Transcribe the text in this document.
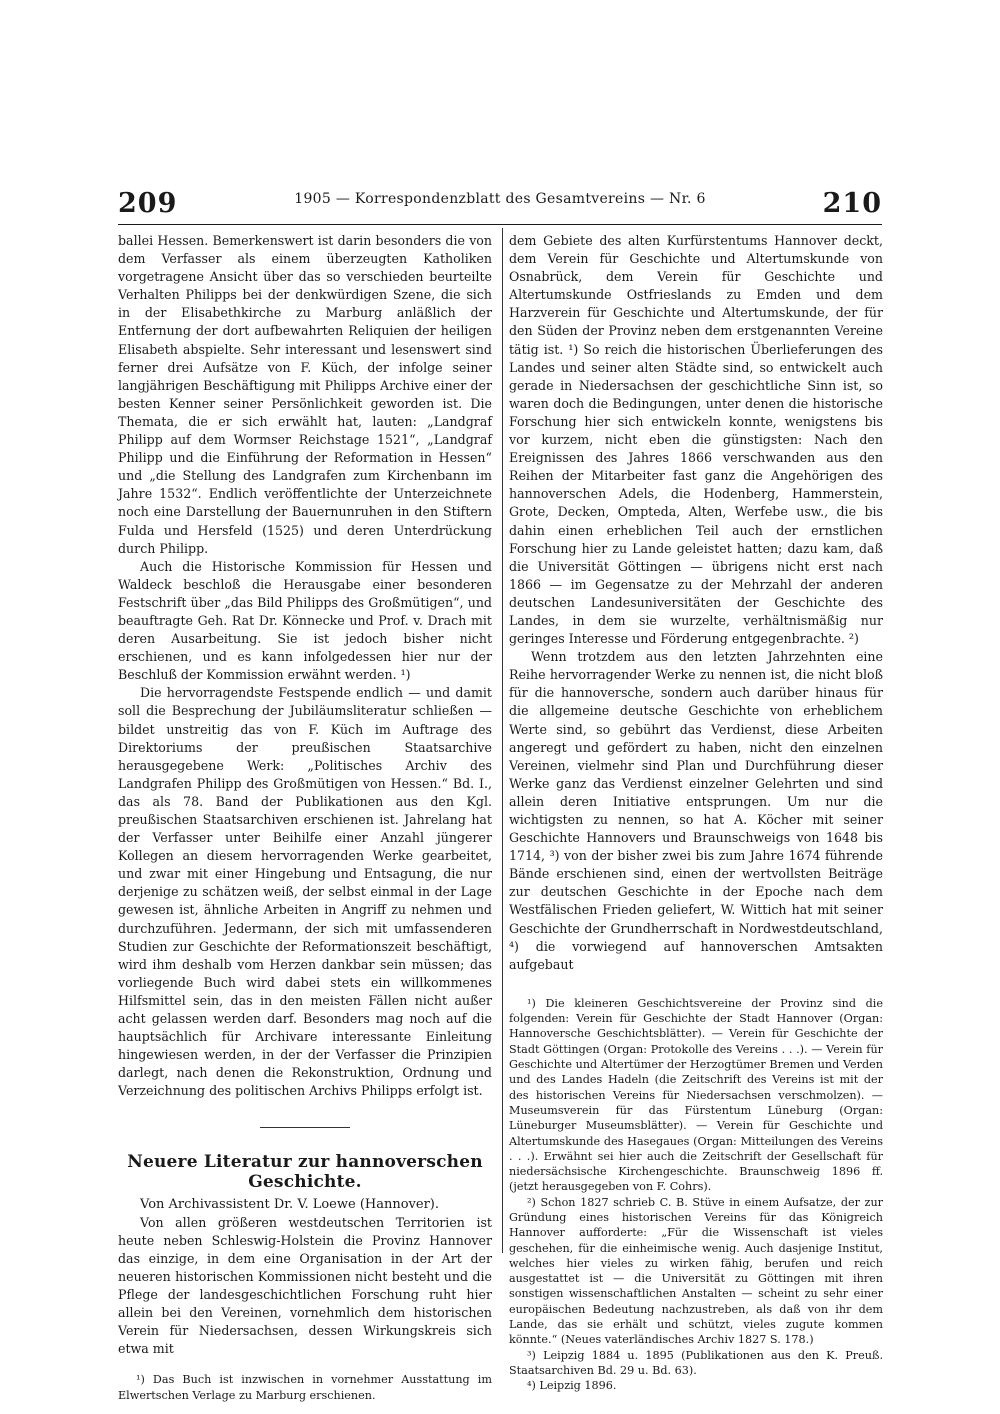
209	1905 — Korrespondenzblatt des Gesamtvereins — Nr. 6	210

ballei Hessen. Bemerkenswert ist darin besonders die von dem Verfasser als einem überzeugten Katholiken vorgetragene Ansicht über das so verschieden beurteilte Verhalten Philipps bei der denkwürdigen Szene, die sich in der Elisabethkirche zu Marburg anläßlich der Entfernung der dort aufbewahrten Reliquien der heiligen Elisabeth abspielte. Sehr interessant und lesenswert sind ferner drei Aufsätze von F. Küch, der infolge seiner langjährigen Beschäftigung mit Philipps Archive einer der besten Kenner seiner Persönlichkeit geworden ist. Die Themata, die er sich erwählt hat, lauten: „Landgraf Philipp auf dem Wormser Reichstage 1521“, „Landgraf Philipp und die Einführung der Reformation in Hessen“ und „die Stellung des Landgrafen zum Kirchenbann im Jahre 1532“. Endlich veröffentlichte der Unterzeichnete noch eine Darstellung der Bauernunruhen in den Stiftern Fulda und Hersfeld (1525) und deren Unterdrückung durch Philipp.

Auch die Historische Kommission für Hessen und Waldeck beschloß die Herausgabe einer besonderen Festschrift über „das Bild Philipps des Großmütigen“, und beauftragte Geh. Rat Dr. Könnecke und Prof. v. Drach mit deren Ausarbeitung. Sie ist jedoch bisher nicht erschienen, und es kann infolgedessen hier nur der Beschluß der Kommission erwähnt werden. ¹)

Die hervorragendste Festspende endlich — und damit soll die Besprechung der Jubiläumsliteratur schließen — bildet unstreitig das von F. Küch im Auftrage des Direktoriums der preußischen Staatsarchive herausgegebene Werk: „Politisches Archiv des Landgrafen Philipp des Großmütigen von Hessen.“ Bd. I., das als 78. Band der Publikationen aus den Kgl. preußischen Staatsarchiven erschienen ist. Jahrelang hat der Verfasser unter Beihilfe einer Anzahl jüngerer Kollegen an diesem hervorragenden Werke gearbeitet, und zwar mit einer Hingebung und Entsagung, die nur derjenige zu schätzen weiß, der selbst einmal in der Lage gewesen ist, ähnliche Arbeiten in Angriff zu nehmen und durchzuführen. Jedermann, der sich mit umfassenderen Studien zur Geschichte der Reformationszeit beschäftigt, wird ihm deshalb vom Herzen dankbar sein müssen; das vorliegende Buch wird dabei stets ein willkommenes Hilfsmittel sein, das in den meisten Fällen nicht außer acht gelassen werden darf. Besonders mag noch auf die hauptsächlich für Archivare interessante Einleitung hingewiesen werden, in der der Verfasser die Prinzipien darlegt, nach denen die Rekonstruktion, Ordnung und Verzeichnung des politischen Archivs Philipps erfolgt ist.

Neuere Literatur zur hannoverschen Geschichte.
Von Archivassistent Dr. V. Loewe (Hannover).

Von allen größeren westdeutschen Territorien ist heute neben Schleswig-Holstein die Provinz Hannover das einzige, in dem eine Organisation in der Art der neueren historischen Kommissionen nicht besteht und die Pflege der landesgeschichtlichen Forschung ruht hier allein bei den Vereinen, vornehmlich dem historischen Verein für Niedersachsen, dessen Wirkungskreis sich etwa mit

¹) Das Buch ist inzwischen in vornehmer Ausstattung im Elwertschen Verlage zu Marburg erschienen.

dem Gebiete des alten Kurfürstentums Hannover deckt, dem Verein für Geschichte und Altertumskunde von Osnabrück, dem Verein für Geschichte und Altertumskunde Ostfrieslands zu Emden und dem Harzverein für Geschichte und Altertumskunde, der für den Süden der Provinz neben dem erstgenannten Vereine tätig ist. ¹) So reich die historischen Überlieferungen des Landes und seiner alten Städte sind, so entwickelt auch gerade in Niedersachsen der geschichtliche Sinn ist, so waren doch die Bedingungen, unter denen die historische Forschung hier sich entwickeln konnte, wenigstens bis vor kurzem, nicht eben die günstigsten: Nach den Ereignissen des Jahres 1866 verschwanden aus den Reihen der Mitarbeiter fast ganz die Angehörigen des hannoverschen Adels, die Hodenberg, Hammerstein, Grote, Decken, Ompteda, Alten, Werfebe usw., die bis dahin einen erheblichen Teil auch der ernstlichen Forschung hier zu Lande geleistet hatten; dazu kam, daß die Universität Göttingen — übrigens nicht erst nach 1866 — im Gegensatze zu der Mehrzahl der anderen deutschen Landesuniversitäten der Geschichte des Landes, in dem sie wurzelte, verhältnismäßig nur geringes Interesse und Förderung entgegenbrachte. ²)

Wenn trotzdem aus den letzten Jahrzehnten eine Reihe hervorragender Werke zu nennen ist, die nicht bloß für die hannoversche, sondern auch darüber hinaus für die allgemeine deutsche Geschichte von erheblichem Werte sind, so gebührt das Verdienst, diese Arbeiten angeregt und gefördert zu haben, nicht den einzelnen Vereinen, vielmehr sind Plan und Durchführung dieser Werke ganz das Verdienst einzelner Gelehrten und sind allein deren Initiative entsprungen. Um nur die wichtigsten zu nennen, so hat A. Köcher mit seiner Geschichte Hannovers und Braunschweigs von 1648 bis 1714, ³) von der bisher zwei bis zum Jahre 1674 führende Bände erschienen sind, einen der wertvollsten Beiträge zur deutschen Geschichte in der Epoche nach dem Westfälischen Frieden geliefert, W. Wittich hat mit seiner Geschichte der Grundherrschaft in Nordwestdeutschland, ⁴) die vorwiegend auf hannoverschen Amtsakten aufgebaut

¹) Die kleineren Geschichtsvereine der Provinz sind die folgenden: Verein für Geschichte der Stadt Hannover (Organ: Hannoversche Geschichtsblätter). — Verein für Geschichte der Stadt Göttingen (Organ: Protokolle des Vereins . . .). — Verein für Geschichte und Altertümer der Herzogtümer Bremen und Verden und des Landes Hadeln (die Zeitschrift des Vereins ist mit der des historischen Vereins für Niedersachsen verschmolzen). — Museumsverein für das Fürstentum Lüneburg (Organ: Lüneburger Museumsblätter). — Verein für Geschichte und Altertumskunde des Hasegaues (Organ: Mitteilungen des Vereins . . .). Erwähnt sei hier auch die Zeitschrift der Gesellschaft für niedersächsische Kirchengeschichte. Braunschweig 1896 ff. (jetzt herausgegeben von F. Cohrs).

²) Schon 1827 schrieb C. B. Stüve in einem Aufsatze, der zur Gründung eines historischen Vereins für das Königreich Hannover aufforderte: „Für die Wissenschaft ist vieles geschehen, für die einheimische wenig. Auch dasjenige Institut, welches hier vieles zu wirken fähig, berufen und reich ausgestattet ist — die Universität zu Göttingen mit ihren sonstigen wissenschaftlichen Anstalten — scheint zu sehr einer europäischen Bedeutung nachzustreben, als daß von ihr dem Lande, das sie erhält und schützt, vieles zugute kommen könnte.“ (Neues vaterländisches Archiv 1827 S. 178.)

³) Leipzig 1884 u. 1895 (Publikationen aus den K. Preuß. Staatsarchiven Bd. 29 u. Bd. 63).

⁴) Leipzig 1896.
